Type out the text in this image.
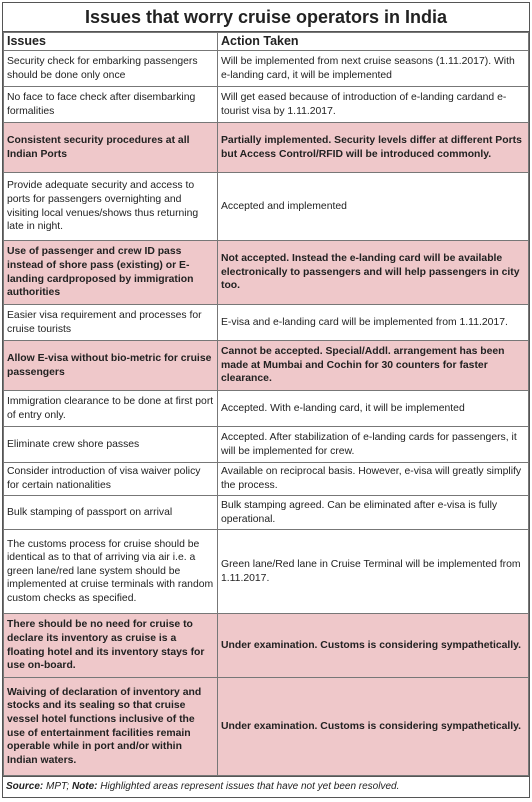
Issues that worry cruise operators in India
Issues	Action Taken
Security check for embarking passengers should be done only once	Will be implemented from next cruise seasons (1.11.2017). With e-landing card, it will be implemented
No face to face check after disembarking formalities	Will get eased because of introduction of e-landing cardand e-tourist visa by 1.11.2017.
Consistent security procedures at all Indian Ports	Partially implemented. Security levels differ at different Ports but Access Control/RFID will be introduced commonly.
Provide adequate security and access to ports for passengers overnighting and visiting local venues/shows thus returning late in night.	Accepted and implemented
Use of passenger and crew ID pass instead of shore pass (existing) or E-landing cardproposed by immigration authorities	Not accepted. Instead the e-landing card will be available electronically to passengers and will help passengers in city too.
Easier visa requirement and processes for cruise tourists	E-visa and e-landing card will be implemented from 1.11.2017.
Allow E-visa without bio-metric for cruise passengers	Cannot be accepted. Special/Addl. arrangement has been made at Mumbai and Cochin for 30 counters for faster clearance.
Immigration clearance to be done at first port of entry only.	Accepted. With e-landing card, it will be implemented
Eliminate crew shore passes	Accepted. After stabilization of e-landing cards for passengers, it will be implemented for crew.
Consider introduction of visa waiver policy for certain nationalities	Available on reciprocal basis. However, e-visa will greatly simplify the process.
Bulk stamping of passport on arrival	Bulk stamping agreed. Can be eliminated after e-visa is fully operational.
The customs process for cruise should be identical as to that of arriving via air i.e. a green lane/red lane system should be implemented at cruise terminals with random custom checks as specified.	Green lane/Red lane in Cruise Terminal will be implemented from 1.11.2017.
There should be no need for cruise to declare its inventory as cruise is a floating hotel and its inventory stays for use on-board.	Under examination. Customs is considering sympathetically.
Waiving of declaration of inventory and stocks and its sealing so that cruise vessel hotel functions inclusive of the use of entertainment facilities remain operable while in port and/or within Indian waters.	Under examination. Customs is considering sympathetically.
Source: MPT; Note: Highlighted areas represent issues that have not yet been resolved.
